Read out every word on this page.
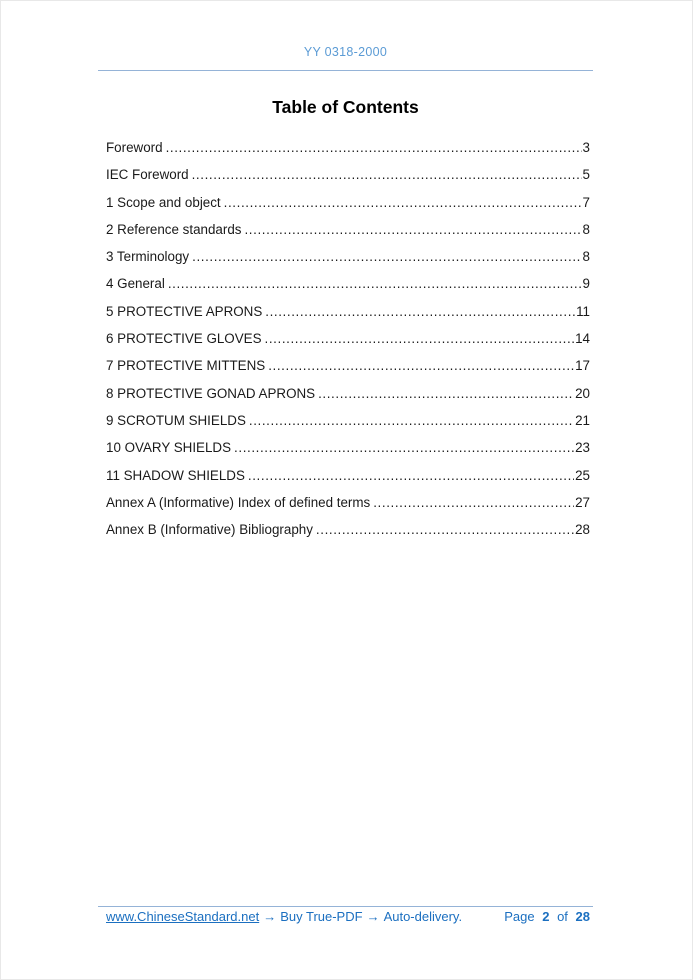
YY 0318-2000
Table of Contents
Foreword .....	3
IEC Foreword .....	5
1 Scope and object .....	7
2 Reference standards .....	8
3 Terminology .....	8
4 General .....	9
5 PROTECTIVE APRONS .....	11
6 PROTECTIVE GLOVES .....	14
7 PROTECTIVE MITTENS .....	17
8 PROTECTIVE GONAD APRONS .....	20
9 SCROTUM SHIELDS .....	21
10 OVARY SHIELDS .....	23
11 SHADOW SHIELDS .....	25
Annex A (Informative) Index of defined terms .....	27
Annex B (Informative) Bibliography .....	28
www.ChineseStandard.net → Buy True-PDF → Auto-delivery.	Page 2 of 28
